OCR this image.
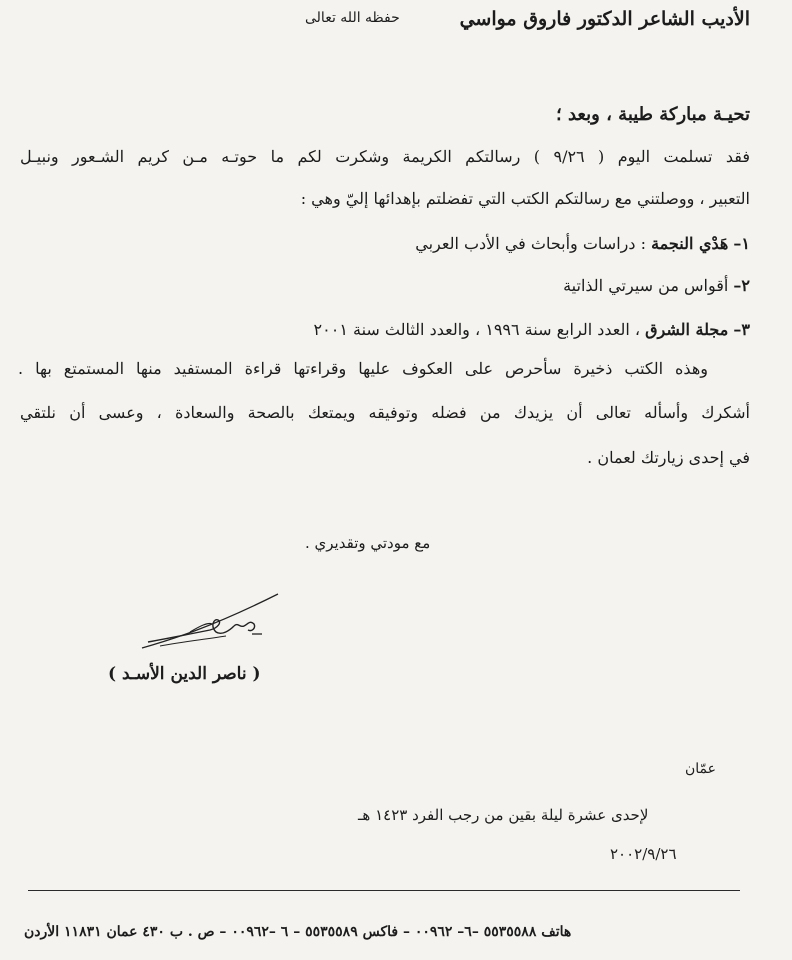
الأديب الشاعر الدكتور فاروق مواسي
حفظه الله تعالى
تحيـة مباركة طيبة ، وبعد ؛
فقد تسلمت اليوم ( ٩/٢٦ ) رسالتكم الكريمة وشكرت لكم ما حوتـه مـن كريم الشـعور ونبيـل
التعبير ، ووصلتني مع رسالتكم الكتب التي تفضلتم بإهدائها إليّ وهي :
١– هَدْي النجمة : دراسات وأبحاث في الأدب العربي
٢– أقواس من سيرتي الذاتية
٣– مجلة الشرق ، العدد الرابع سنة ١٩٩٦ ، والعدد الثالث سنة ٢٠٠١
وهذه الكتب ذخيرة سأحرص على العكوف عليها وقراءتها قراءة المستفيد منها المستمتع بها .
أشكرك وأسأله تعالى أن يزيدك من فضله وتوفيقه ويمتعك بالصحة والسعادة ، وعسى أن نلتقي
في إحدى زيارتك لعمان .
مع مودتي وتقديري .
( ناصر الدين الأسـد )
عمّان
لإحدى عشرة ليلة بقين من رجب الفرد ١٤٢٣ هـ
٢٠٠٢/٩/٢٦
هاتف ٥٥٣٥٥٨٨ –٦– ٠٠٩٦٢ – فاكس ٥٥٣٥٥٨٩ – ٦ –٠٠٩٦٢ – ص . ب ٤٣٠ عمان ١١٨٣١ الأردن
